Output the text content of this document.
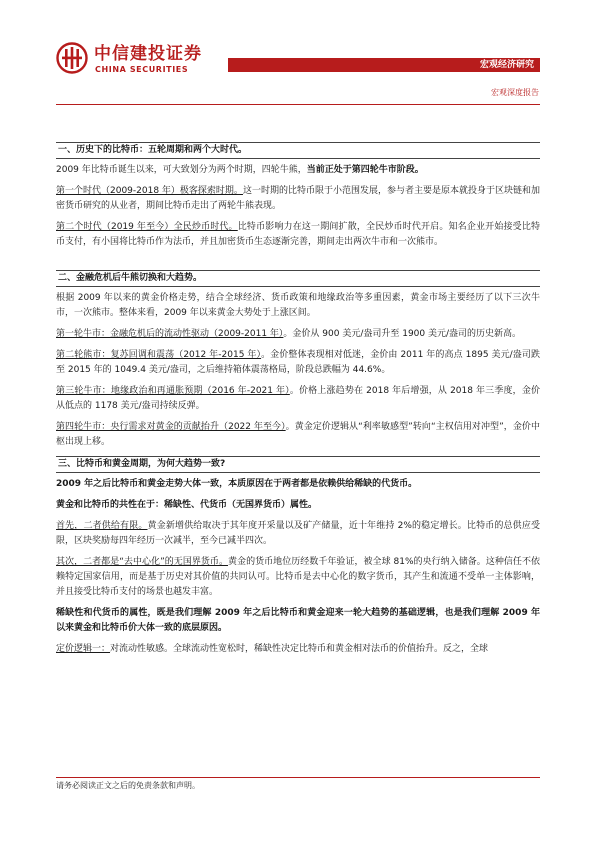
中信建投证券
CHINA SECURITIES	宏观经济研究
宏观深度报告
一、历史下的比特币：五轮周期和两个大时代。

2009 年比特币诞生以来，可大致划分为两个时期，四轮牛熊，当前正处于第四轮牛市阶段。

第一个时代（2009-2018 年）极客探索时期。这一时期的比特币限于小范围发展，参与者主要是原本就投身于区块链和加密货币研究的从业者，期间比特币走出了两轮牛熊表现。

第二个时代（2019 年至今）全民炒币时代。比特币影响力在这一期间扩散，全民炒币时代开启。知名企业开始接受比特币支付，有小国将比特币作为法币，并且加密货币生态逐渐完善，期间走出两次牛市和一次熊市。

二、金融危机后牛熊切换和大趋势。

根据 2009 年以来的黄金价格走势，结合全球经济、货币政策和地缘政治等多重因素，黄金市场主要经历了以下三次牛市，一次熊市。整体来看，2009 年以来黄金大势处于上涨区间。

第一轮牛市：金融危机后的流动性驱动（2009-2011 年）。金价从 900 美元/盎司升至 1900 美元/盎司的历史新高。

第二轮熊市：复苏回调和震荡（2012 年-2015 年）。金价整体表现相对低迷，金价由 2011 年的高点 1895 美元/盎司跌至 2015 年的 1049.4 美元/盎司，之后维持箱体震荡格局，阶段总跌幅为 44.6%。

第三轮牛市：地缘政治和再通胀预期（2016 年-2021 年）。价格上涨趋势在 2018 年后增强，从 2018 年三季度，金价从低点的 1178 美元/盎司持续反弹。

第四轮牛市：央行需求对黄金的贡献抬升（2022 年至今）。黄金定价逻辑从“利率敏感型”转向“主权信用对冲型”，金价中枢出现上移。

三、比特币和黄金周期，为何大趋势一致?

2009 年之后比特币和黄金走势大体一致，本质原因在于两者都是依赖供给稀缺的代货币。

黄金和比特币的共性在于：稀缺性、代货币（无国界货币）属性。

首先，二者供给有限。黄金新增供给取决于其年度开采量以及矿产储量，近十年维持 2%的稳定增长。比特币的总供应受限，区块奖励每四年经历一次减半，至今已减半四次。

其次，二者都是“去中心化”的无国界货币。黄金的货币地位历经数千年验证，被全球 81%的央行纳入储备。这种信任不依赖特定国家信用，而是基于历史对其价值的共同认可。比特币是去中心化的数字货币，其产生和流通不受单一主体影响，并且接受比特币支付的场景也越发丰富。

稀缺性和代货币的属性，既是我们理解 2009 年之后比特币和黄金迎来一轮大趋势的基础逻辑，也是我们理解 2009 年以来黄金和比特币价大体一致的底层原因。

定价逻辑一：对流动性敏感。全球流动性宽松时，稀缺性决定比特币和黄金相对法币的价值抬升。反之，全球

请务必阅读正文之后的免责条款和声明。
